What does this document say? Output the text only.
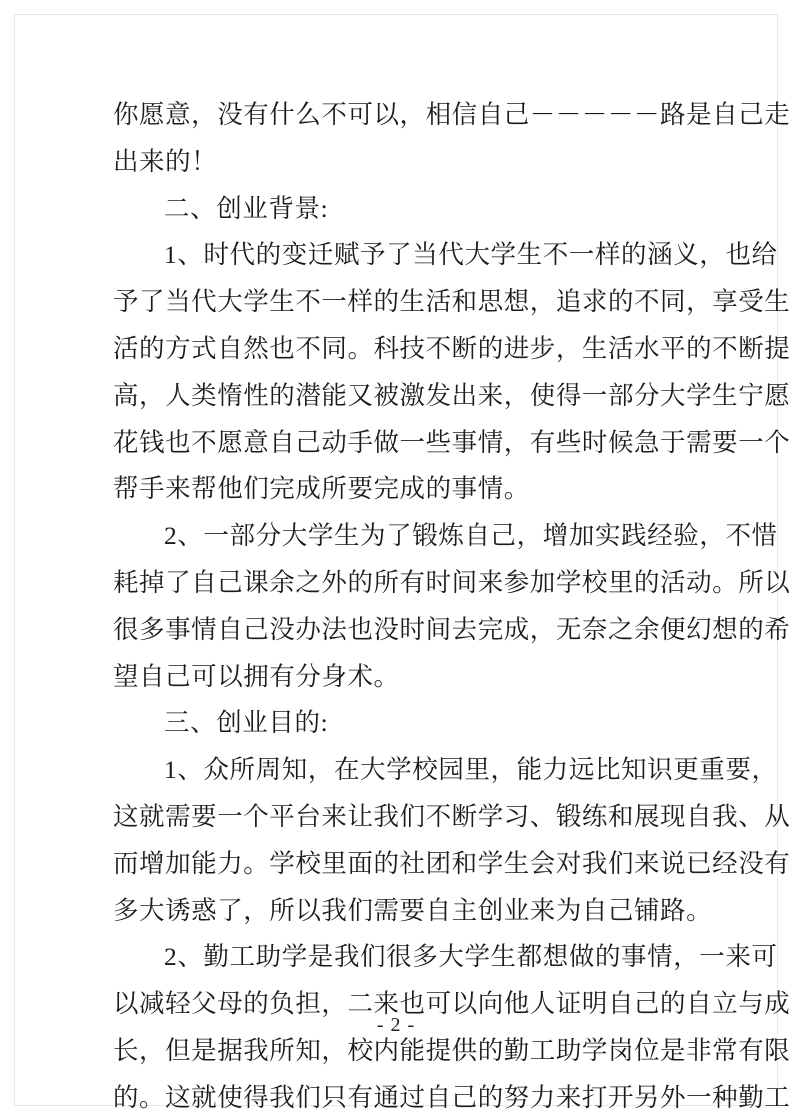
你愿意，没有什么不可以，相信自己－－－－－路是自己走
出来的！
二、创业背景:
1、时代的变迁赋予了当代大学生不一样的涵义，也给
予了当代大学生不一样的生活和思想，追求的不同，享受生
活的方式自然也不同。科技不断的进步，生活水平的不断提
高，人类惰性的潜能又被激发出来，使得一部分大学生宁愿
花钱也不愿意自己动手做一些事情，有些时候急于需要一个
帮手来帮他们完成所要完成的事情。
2、一部分大学生为了锻炼自己，增加实践经验，不惜
耗掉了自己课余之外的所有时间来参加学校里的活动。所以
很多事情自己没办法也没时间去完成，无奈之余便幻想的希
望自己可以拥有分身术。
三、创业目的:
1、众所周知，在大学校园里，能力远比知识更重要，
这就需要一个平台来让我们不断学习、锻练和展现自我、从
而增加能力。学校里面的社团和学生会对我们来说已经没有
多大诱惑了，所以我们需要自主创业来为自己铺路。
2、勤工助学是我们很多大学生都想做的事情，一来可
以减轻父母的负担，二来也可以向他人证明自己的自立与成
长，但是据我所知，校内能提供的勤工助学岗位是非常有限
的。这就使得我们只有通过自己的努力来打开另外一种勤工
- 2 -
